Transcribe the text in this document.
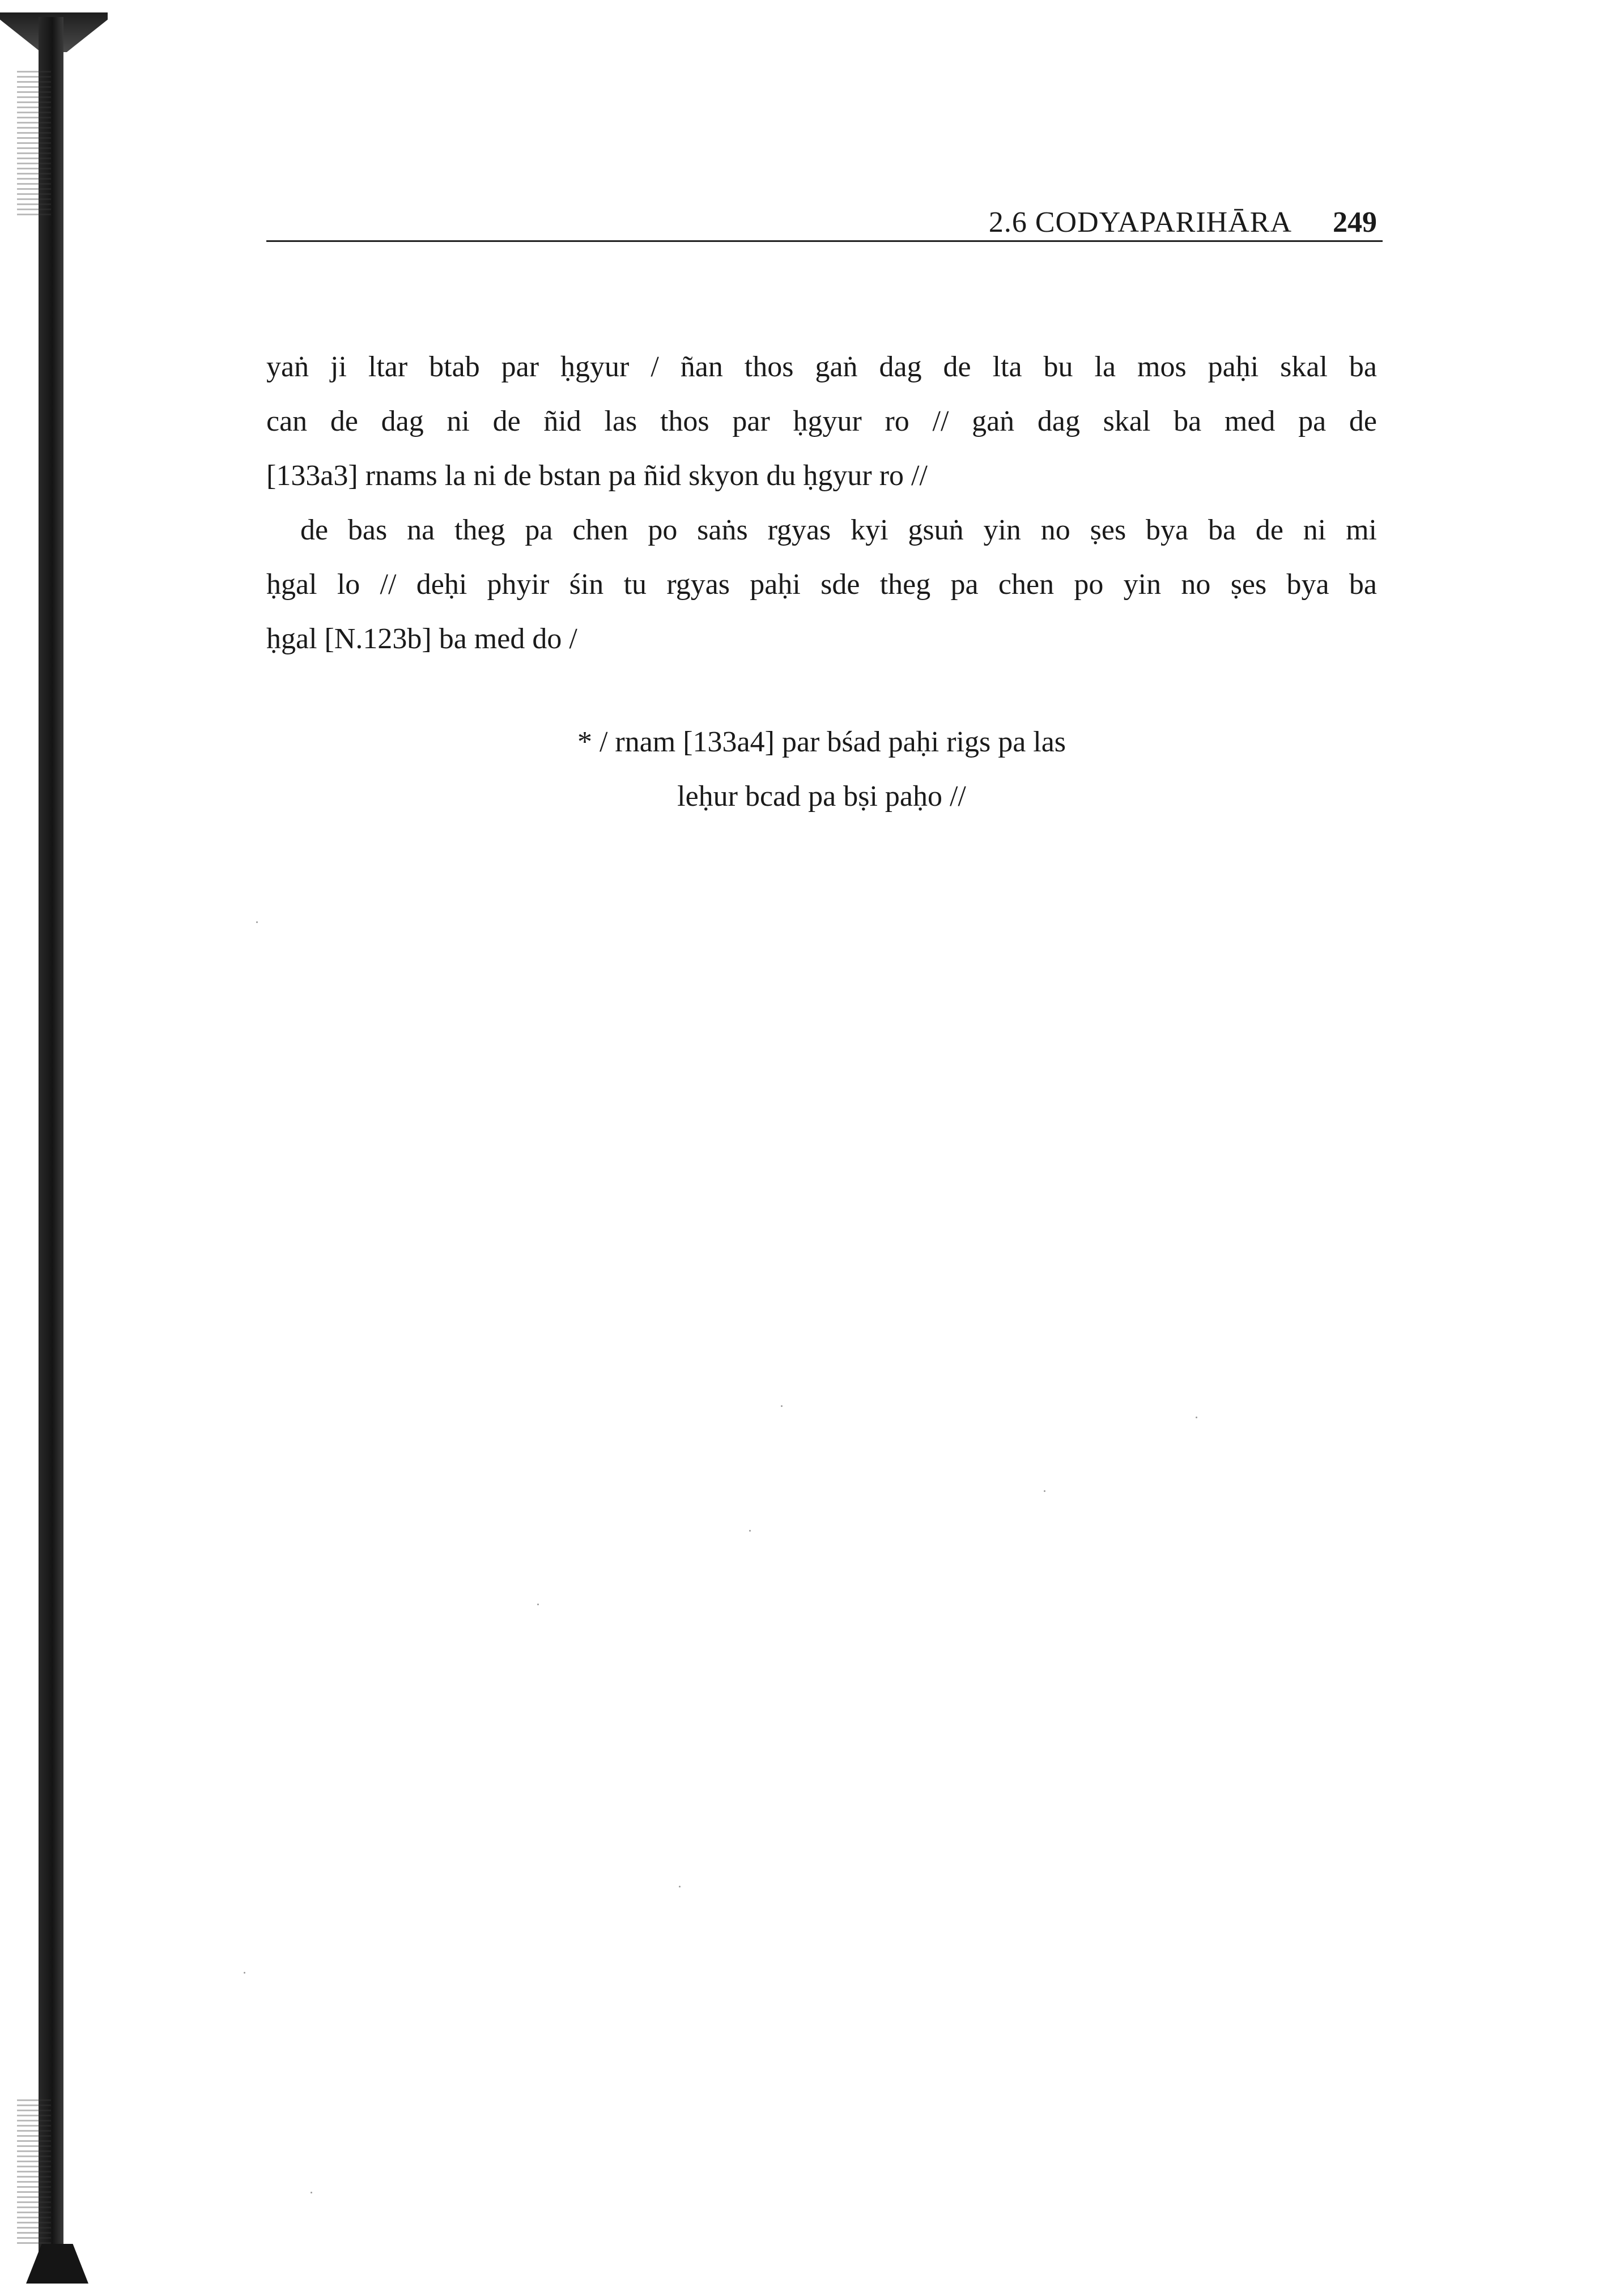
2.6 CODYAPARIHĀRA 249
yaṅ ji ltar btab par ḥgyur / ñan thos gaṅ dag de lta bu la mos paḥi skal ba
can de dag ni de ñid las thos par ḥgyur ro // gaṅ dag skal ba med pa de
[133a3] rnams la ni de bstan pa ñid skyon du ḥgyur ro //
de bas na theg pa chen po saṅs rgyas kyi gsuṅ yin no ṣes bya ba de ni mi
ḥgal lo // deḥi phyir śin tu rgyas paḥi sde theg pa chen po yin no ṣes bya ba
ḥgal [N.123b] ba med do /
* / rnam [133a4] par bśad paḥi rigs pa las
leḥur bcad pa bṣi paḥo //
